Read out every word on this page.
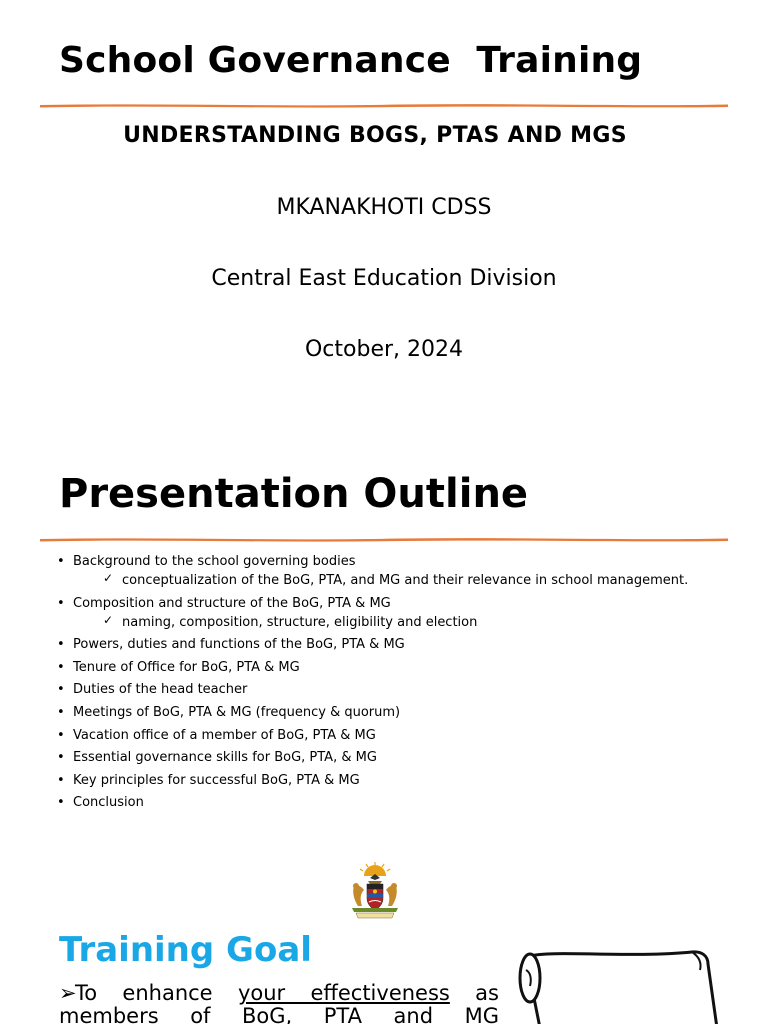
School Governance  Training
UNDERSTANDING BOGS, PTAS AND MGS
MKANAKHOTI CDSS
Central East Education Division
October, 2024
Presentation Outline
• Background to the school governing bodies
✓ conceptualization of the BoG, PTA, and MG and their relevance in school management.
• Composition and structure of the BoG, PTA & MG
✓ naming, composition, structure, eligibility and election
• Powers, duties and functions of the BoG, PTA & MG
• Tenure of Office for BoG, PTA & MG
• Duties of the head teacher
• Meetings of BoG, PTA & MG (frequency & quorum)
• Vacation office of a member of BoG, PTA & MG
• Essential governance skills for BoG, PTA, & MG
• Key principles for successful BoG, PTA & MG
• Conclusion
Training Goal
➢To enhance your effectiveness as members of BoG, PTA and MG
